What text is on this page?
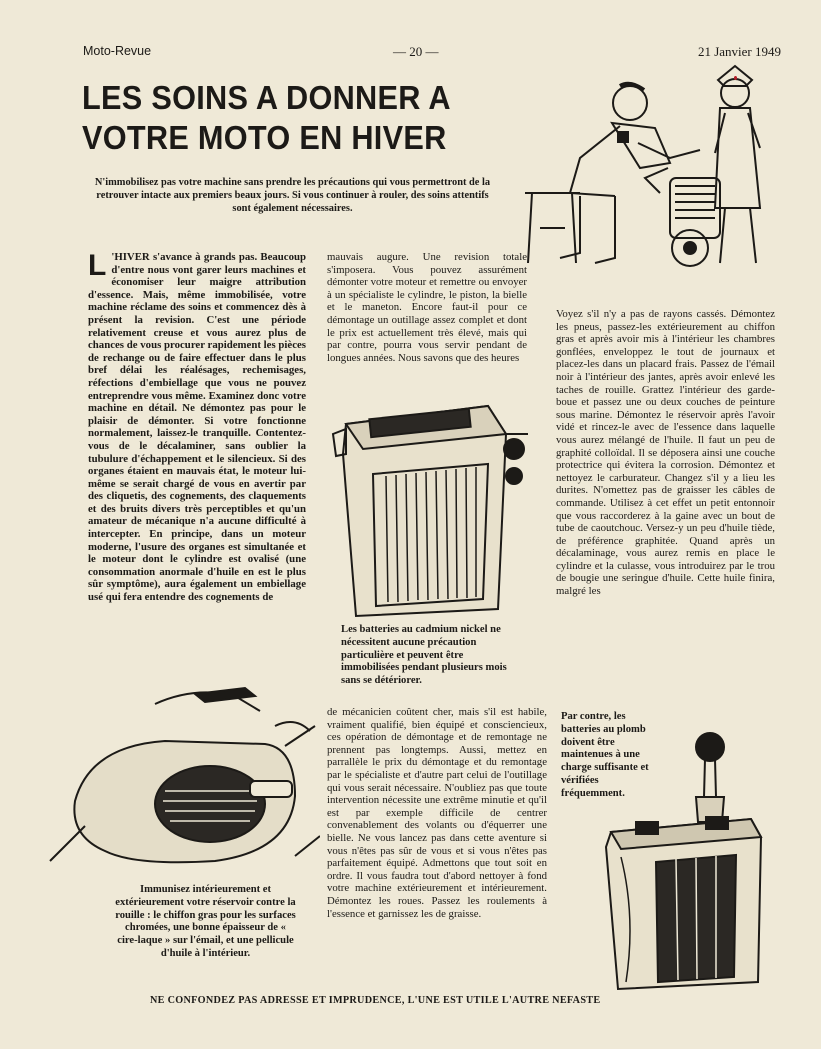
Moto-Revue	— 20 —	21 Janvier 1949
LES SOINS A DONNER A
VOTRE MOTO EN HIVER

N'immobilisez pas votre machine sans prendre les précautions qui vous permettront de la retrouver intacte aux premiers beaux jours. Si vous continuer à rouler, des soins attentifs sont également nécessaires.

L 'HIVER s'avance à grands pas. Beaucoup d'entre nous vont garer leurs machines et économiser leur maigre attribution d'essence. Mais, même immobilisée, votre machine réclame des soins et commencez dès à présent la revision. C'est une période relativement creuse et vous aurez plus de chances de vous procurer rapidement les pièces de rechange ou de faire effectuer dans le plus bref délai les réalésages, rechemisages, réfections d'embiellage que vous ne pouvez entreprendre vous même. Examinez donc votre machine en détail. Ne démontez pas pour le plaisir de démonter. Si votre fonctionne normalement, laissez-le tranquille. Contentez-vous de le décalaminer, sans oublier la tubulure d'échappement et le silencieux. Si des organes étaient en mauvais état, le moteur lui-même se serait chargé de vous en avertir par des cliquetis, des cognements, des claquements et des bruits divers très perceptibles et qu'un amateur de mécanique n'a aucune difficulté à intercepter. En principe, dans un moteur moderne, l'usure des organes est simultanée et le moteur dont le cylindre est ovalisé (une consommation anormale d'huile en est le plus sûr symptôme), aura également un embiellage usé qui fera entendre des cognements de

mauvais augure. Une revision totale s'imposera. Vous pouvez assurément démonter votre moteur et remettre ou envoyer à un spécialiste le cylindre, le piston, la bielle et le maneton. Encore faut-il pour ce démontage un outillage assez complet et dont le prix est actuellement très élevé, mais qui par contre, pourra vous servir pendant de longues années. Nous savons que des heures

Les batteries au cadmium nickel ne nécessitent aucune précaution particulière et peuvent être immobilisées pendant plusieurs mois sans se détériorer.

Voyez s'il n'y a pas de rayons cassés. Démontez les pneus, passez-les extérieurement au chiffon gras et après avoir mis à l'intérieur les chambres gonflées, enveloppez le tout de journaux et placez-les dans un placard frais. Passez de l'émail noir à l'intérieur des jantes, après avoir enlevé les taches de rouille. Grattez l'intérieur des garde-boue et passez une ou deux couches de peinture sous marine. Démontez le réservoir après l'avoir vidé et rincez-le avec de l'essence dans laquelle vous aurez mélangé de l'huile. Il faut un peu de graphité colloïdal. Il se déposera ainsi une couche protectrice qui évitera la corrosion. Démontez et nettoyez le carburateur. Changez s'il y a lieu les durites. N'omettez pas de graisser les câbles de commande. Utilisez à cet effet un petit entonnoir que vous raccorderez à la gaine avec un bout de tube de caoutchouc. Versez-y un peu d'huile tiède, de préférence graphitée. Quand après un décalaminage, vous aurez remis en place le cylindre et la culasse, vous introduirez par le trou de bougie une seringue d'huile. Cette huile finira, malgré les

Immunisez intérieurement et extérieurement votre réservoir contre la rouille : le chiffon gras pour les surfaces chromées, une bonne épaisseur de « cire-laque » sur l'émail, et une pellicule d'huile à l'intérieur.

de mécanicien coûtent cher, mais s'il est habile, vraiment qualifié, bien équipé et consciencieux, ces opération de démontage et de remontage ne prennent pas longtemps. Aussi, mettez en parrallèle le prix du démontage et du remontage par le spécialiste et d'autre part celui de l'outillage qui vous serait nécessaire. N'oubliez pas que toute intervention nécessite une extrême minutie et qu'il est par exemple difficile de centrer convenablement des volants ou d'équerrer une bielle. Ne vous lancez pas dans cette aventure si vous n'êtes pas sûr de vous et si vous n'êtes pas parfaitement équipé. Admettons que tout soit en ordre. Il vous faudra tout d'abord nettoyer à fond votre machine extérieurement et intérieurement. Démontez les roues. Passez les roulements à l'essence et garnissez les de graisse.

Par contre, les batteries au plomb doivent être maintenues à une charge suffisante et vérifiées fréquemment.

NE CONFONDEZ PAS ADRESSE ET IMPRUDENCE, L'UNE EST UTILE L'AUTRE NEFASTE
